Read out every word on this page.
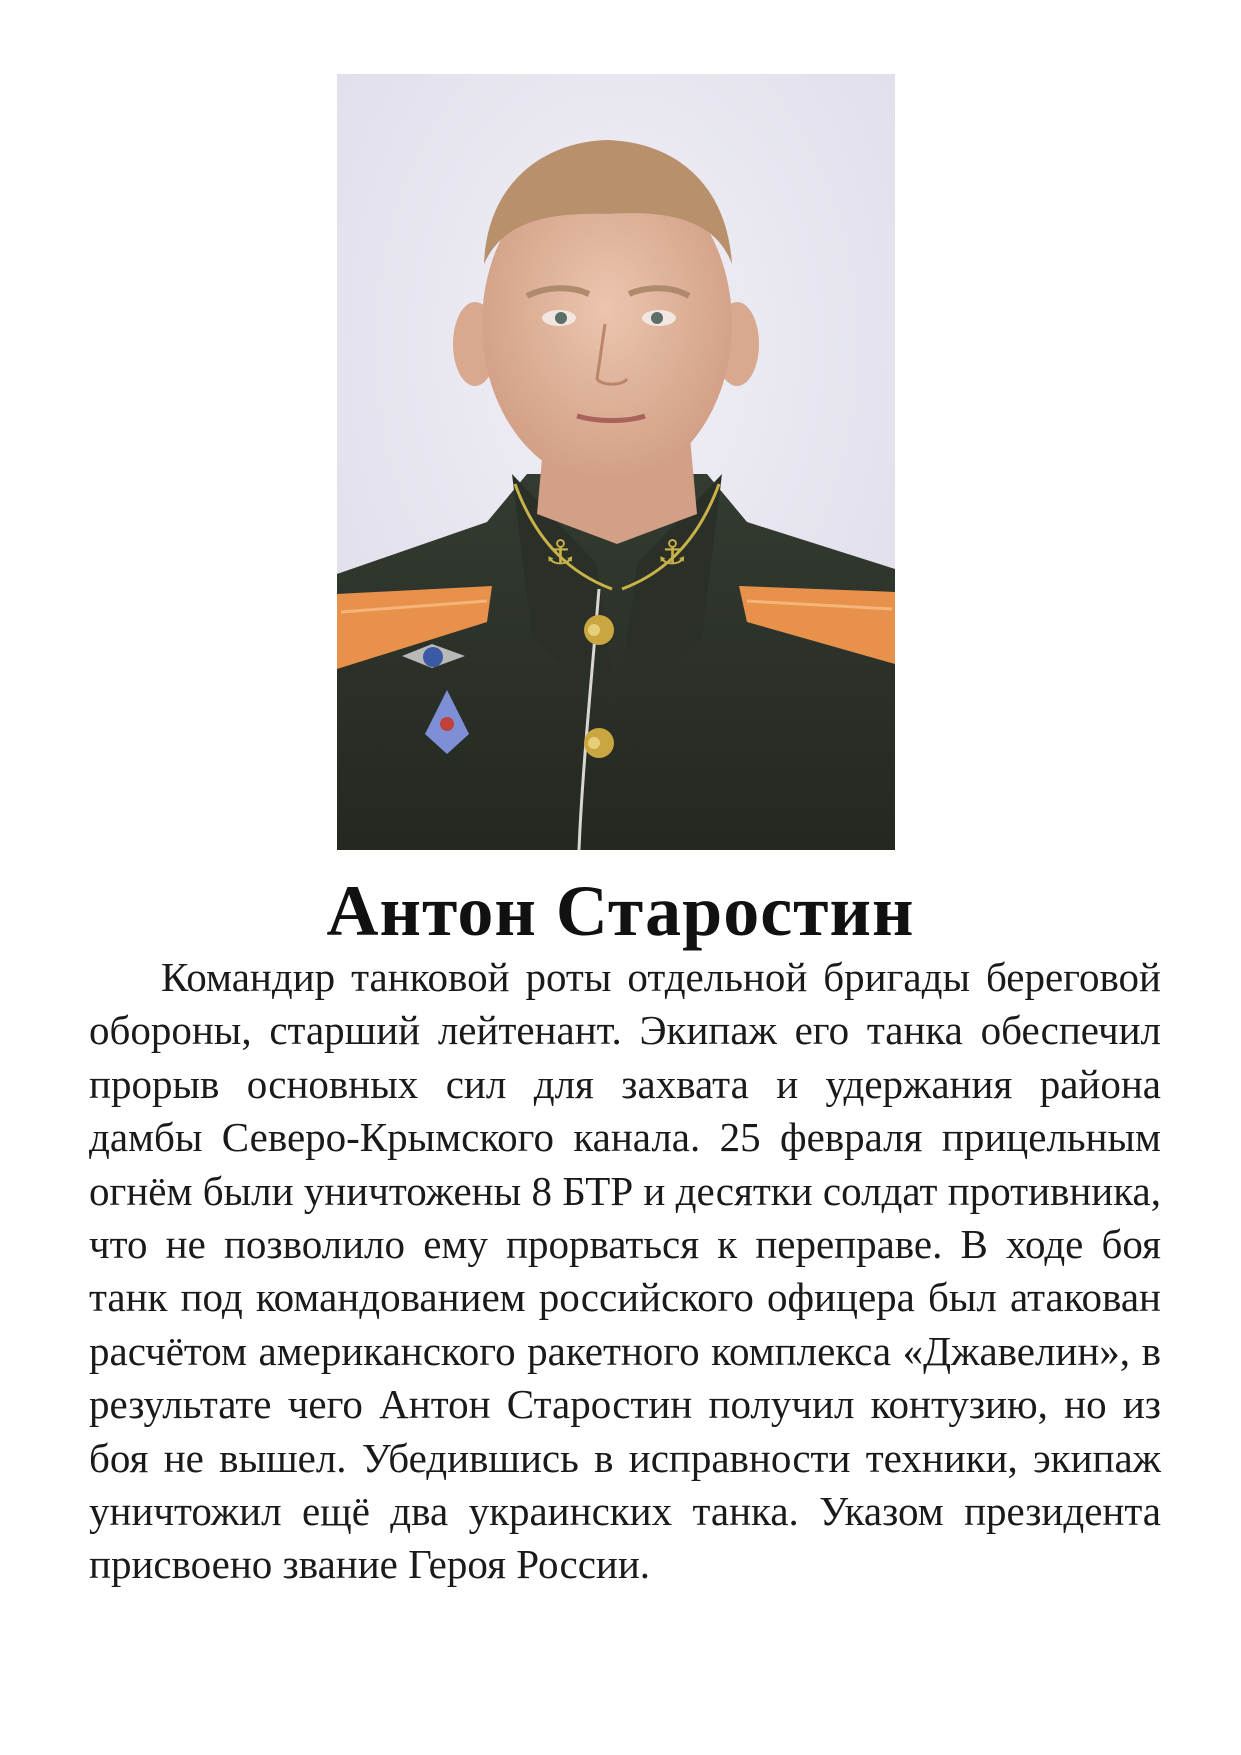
⚓ ⚓
Антон Старостин

Командир танковой роты отдельной бригады береговой обороны, старший лейтенант. Экипаж его танка обеспечил прорыв основных сил для захвата и удержания района дамбы Северо-Крымского канала. 25 февраля прицельным огнём были уничтожены 8 БТР и десятки солдат противника, что не позволило ему прорваться к переправе. В ходе боя танк под командованием российского офицера был атакован расчётом американского ракетного комплекса «Джавелин», в результате чего Антон Старостин получил контузию, но из боя не вышел. Убедившись в исправности техники, экипаж уничтожил ещё два украинских танка. Указом президента присвоено звание Героя России.
